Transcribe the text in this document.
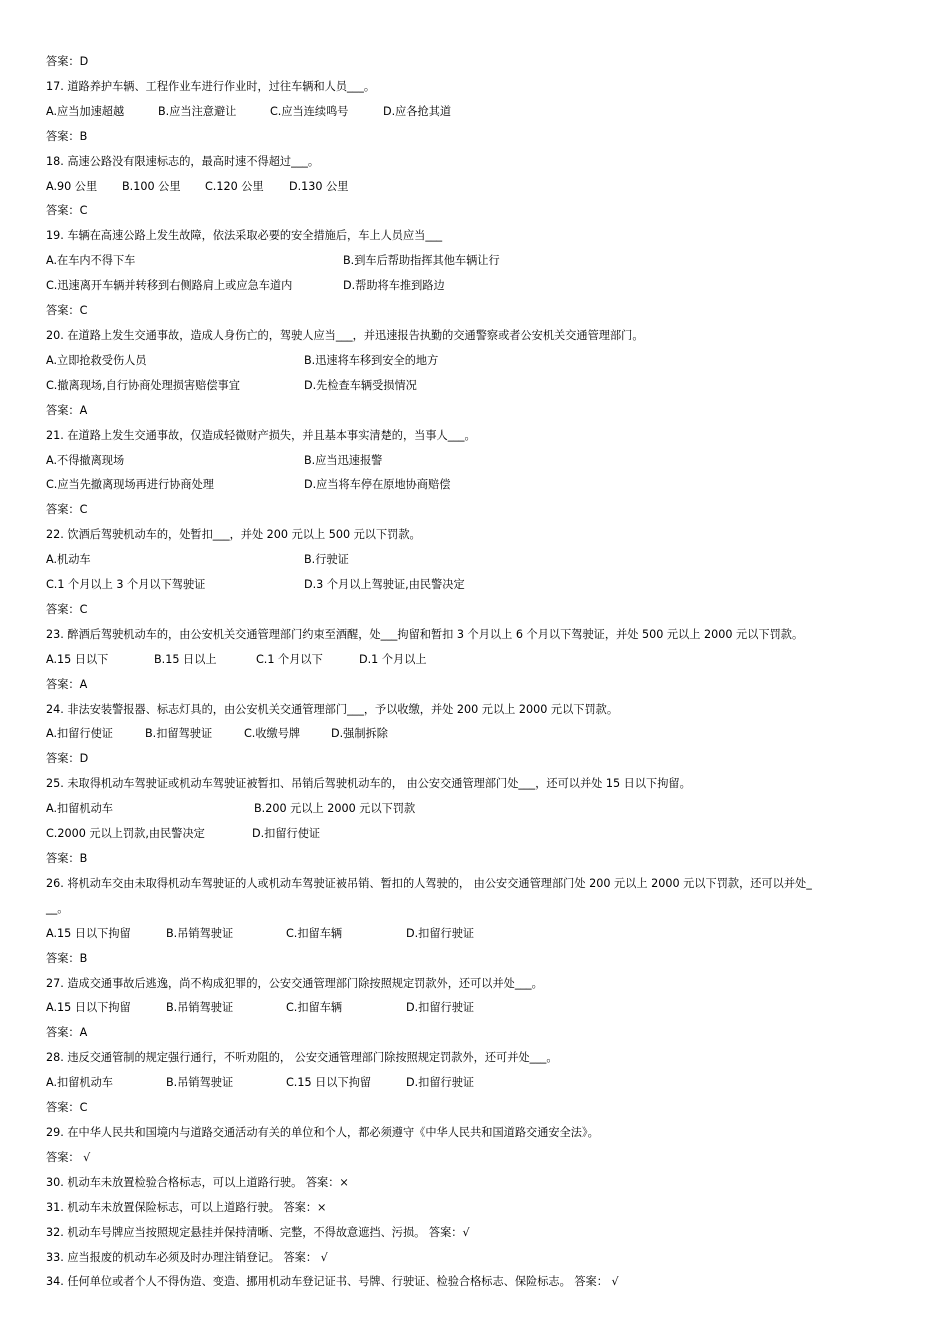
答案：D
17. 道路养护车辆、工程作业车进行作业时，过往车辆和人员___。
A.应当加速超越	B.应当注意避让	C.应当连续鸣号	D.应各抢其道
答案：B
18. 高速公路没有限速标志的，最高时速不得超过___。
A.90 公里 B.100 公里 C.120 公里 D.130 公里
答案：C
19. 车辆在高速公路上发生故障，依法采取必要的安全措施后，车上人员应当___
A.在车内不得下车	B.到车后帮助指挥其他车辆让行
C.迅速离开车辆并转移到右侧路肩上或应急车道内	D.帮助将车推到路边
答案：C
20. 在道路上发生交通事故，造成人身伤亡的，驾驶人应当___，并迅速报告执勤的交通警察或者公安机关交通管理部门。
A.立即抢救受伤人员	B.迅速将车移到安全的地方
C.撤离现场,自行协商处理损害赔偿事宜	D.先检查车辆受损情况
答案：A
21. 在道路上发生交通事故，仅造成轻微财产损失，并且基本事实清楚的，当事人___。
A.不得撤离现场	B.应当迅速报警
C.应当先撤离现场再进行协商处理	D.应当将车停在原地协商赔偿
答案：C
22. 饮酒后驾驶机动车的，处暂扣___，并处 200 元以上 500 元以下罚款。
A.机动车	B.行驶证
C.1 个月以上 3 个月以下驾驶证	D.3 个月以上驾驶证,由民警决定
答案：C
23. 醉酒后驾驶机动车的，由公安机关交通管理部门约束至酒醒，处___拘留和暂扣 3 个月以上 6 个月以下驾驶证，并处 500 元以上 2000 元以下罚款。
A.15 日以下	B.15 日以上	C.1 个月以下	D.1 个月以上
答案：A
24. 非法安装警报器、标志灯具的，由公安机关交通管理部门___，予以收缴，并处 200 元以上 2000 元以下罚款。
A.扣留行使证	B.扣留驾驶证	C.收缴号牌	D.强制拆除
答案：D
25. 未取得机动车驾驶证或机动车驾驶证被暂扣、吊销后驾驶机动车的， 由公安交通管理部门处___，还可以并处 15 日以下拘留。
A.扣留机动车	B.200 元以上 2000 元以下罚款
C.2000 元以上罚款,由民警决定	D.扣留行使证
答案：B
26. 将机动车交由未取得机动车驾驶证的人或机动车驾驶证被吊销、暂扣的人驾驶的， 由公安交通管理部门处 200 元以上 2000 元以下罚款，还可以并处_
__。
A.15 日以下拘留	B.吊销驾驶证	C.扣留车辆	D.扣留行驶证
答案：B
27. 造成交通事故后逃逸，尚不构成犯罪的，公安交通管理部门除按照规定罚款外，还可以并处___。
A.15 日以下拘留	B.吊销驾驶证	C.扣留车辆	D.扣留行驶证
答案：A
28. 违反交通管制的规定强行通行，不听劝阻的， 公安交通管理部门除按照规定罚款外，还可并处___。
A.扣留机动车	B.吊销驾驶证	C.15 日以下拘留	D.扣留行驶证
答案：C
29. 在中华人民共和国境内与道路交通活动有关的单位和个人，都必须遵守《中华人民共和国道路交通安全法》。
答案： √
30. 机动车未放置检验合格标志，可以上道路行驶。 答案：×
31. 机动车未放置保险标志，可以上道路行驶。 答案：×
32. 机动车号牌应当按照规定悬挂并保持清晰、完整，不得故意遮挡、污损。 答案：√
33. 应当报废的机动车必须及时办理注销登记。 答案： √
34. 任何单位或者个人不得伪造、变造、挪用机动车登记证书、号牌、行驶证、检验合格标志、保险标志。 答案： √
